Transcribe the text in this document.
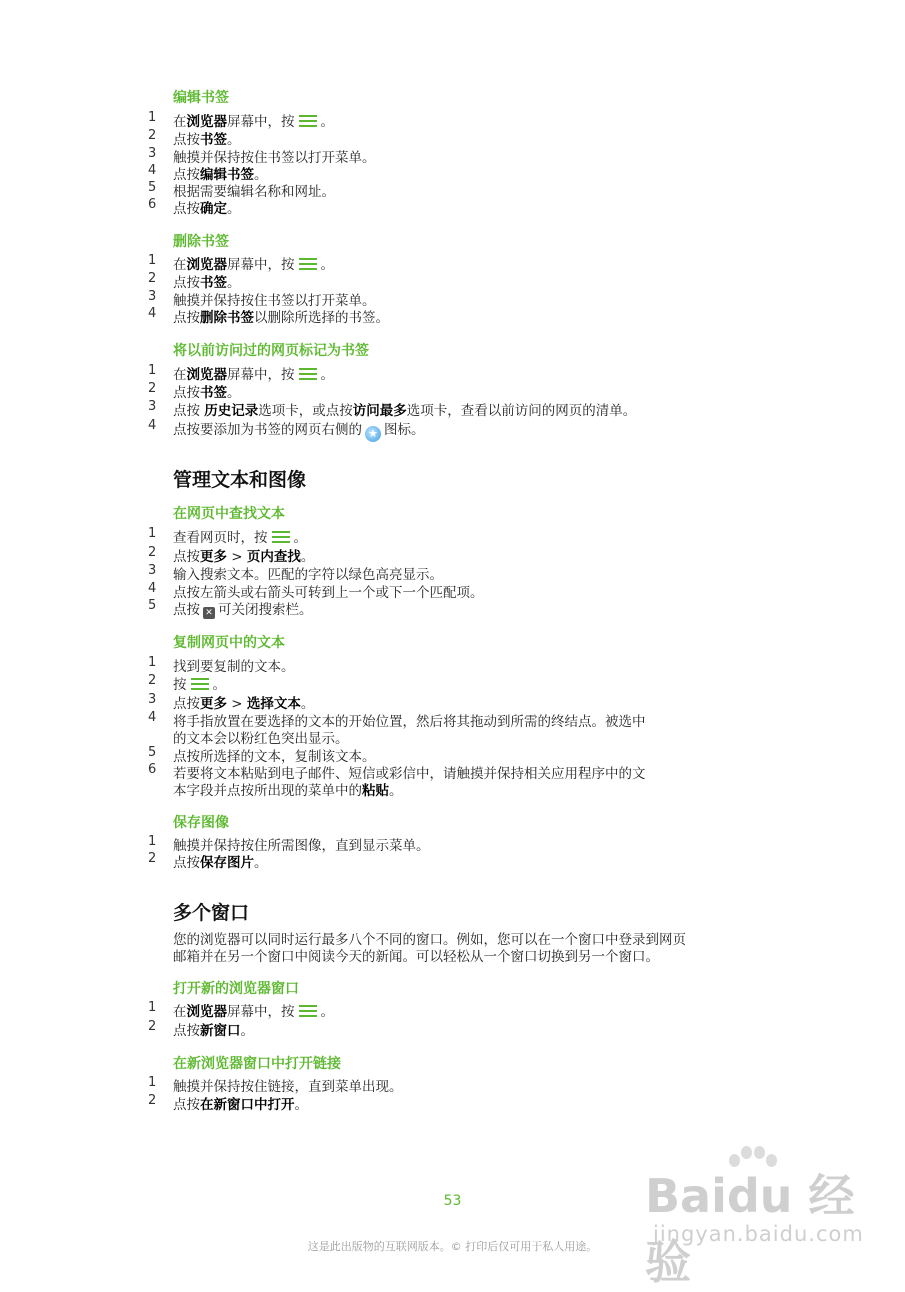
编辑书签
1	在浏览器屏幕中，按 。
2	点按书签。
3	触摸并保持按住书签以打开菜单。
4	点按编辑书签。
5	根据需要编辑名称和网址。
6	点按确定。
删除书签
1	在浏览器屏幕中，按 。
2	点按书签。
3	触摸并保持按住书签以打开菜单。
4	点按删除书签以删除所选择的书签。
将以前访问过的网页标记为书签
1	在浏览器屏幕中，按 。
2	点按书签。
3	点按 历史记录选项卡，或点按访问最多选项卡，查看以前访问的网页的清单。
4	点按要添加为书签的网页右侧的 ★ 图标。
管理文本和图像
在网页中查找文本
1	查看网页时，按 。
2	点按更多 > 页内查找。
3	输入搜索文本。匹配的字符以绿色高亮显示。
4	点按左箭头或右箭头可转到上一个或下一个匹配项。
5	点按 ✕ 可关闭搜索栏。
复制网页中的文本
1	找到要复制的文本。
2	按 。
3	点按更多 > 选择文本。
4	将手指放置在要选择的文本的开始位置，然后将其拖动到所需的终结点。被选中
的文本会以粉红色突出显示。
5	点按所选择的文本，复制该文本。
6	若要将文本粘贴到电子邮件、短信或彩信中，请触摸并保持相关应用程序中的文
本字段并点按所出现的菜单中的粘贴。
保存图像
1	触摸并保持按住所需图像，直到显示菜单。
2	点按保存图片。
多个窗口
您的浏览器可以同时运行最多八个不同的窗口。例如，您可以在一个窗口中登录到网页
邮箱并在另一个窗口中阅读今天的新闻。可以轻松从一个窗口切换到另一个窗口。
打开新的浏览器窗口
1	在浏览器屏幕中，按 。
2	点按新窗口。
在新浏览器窗口中打开链接
1	触摸并保持按住链接，直到菜单出现。
2	点按在新窗口中打开。
53
这是此出版物的互联网版本。© 打印后仅可用于私人用途。
Baidu 经验
jingyan.baidu.com
